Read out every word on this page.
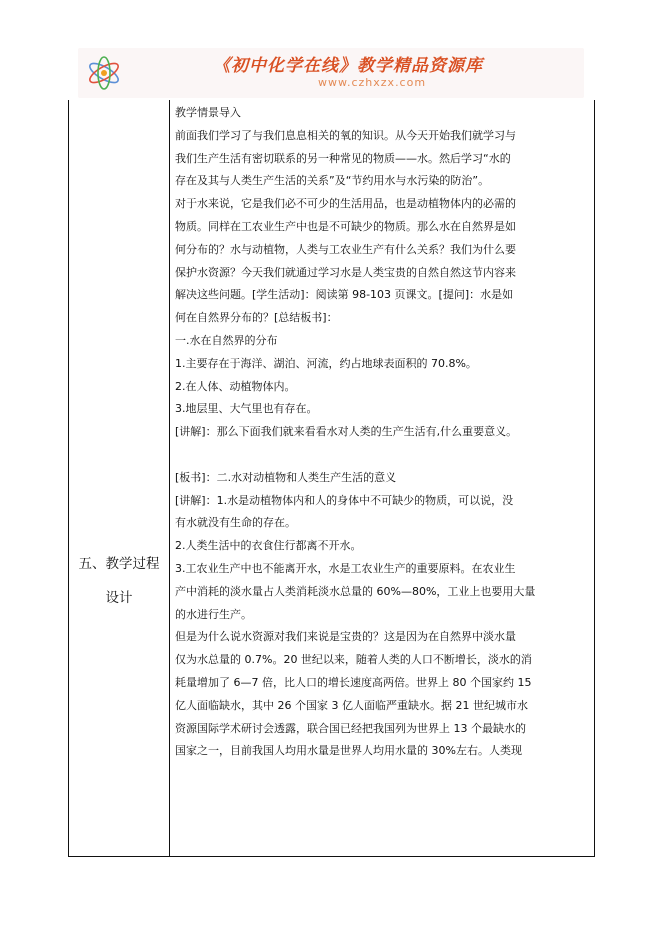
《初中化学在线》教学精品资源库
www.czhxzx.com
五、教学过程
设计

教学情景导入

前面我们学习了与我们息息相关的氧的知识。从今天开始我们就学习与

我们生产生活有密切联系的另一种常见的物质——水。然后学习“水的

存在及其与人类生产生活的关系”及“节约用水与水污染的防治”。

对于水来说，它是我们必不可少的生活用品，也是动植物体内的必需的

物质。同样在工农业生产中也是不可缺少的物质。那么水在自然界是如

何分布的？水与动植物，人类与工农业生产有什么关系？我们为什么要

保护水资源？今天我们就通过学习水是人类宝贵的自然自然这节内容来

解决这些问题。[学生活动]：阅读第 98-103 页课文。[提问]：水是如

何在自然界分布的？[总结板书]：

一.水在自然界的分布

1.主要存在于海洋、湖泊、河流，约占地球表面积的 70.8%。

2.在人体、动植物体内。

3.地层里、大气里也有存在。

[讲解]：那么下面我们就来看看水对人类的生产生活有,什么重要意义。

[板书]：二.水对动植物和人类生产生活的意义

[讲解]：1.水是动植物体内和人的身体中不可缺少的物质，可以说，没

有水就没有生命的存在。

2.人类生活中的衣食住行都离不开水。

3.工农业生产中也不能离开水，水是工农业生产的重要原料。在农业生

产中消耗的淡水量占人类消耗淡水总量的 60%—80%，工业上也要用大量

的水进行生产。

但是为什么说水资源对我们来说是宝贵的？这是因为在自然界中淡水量

仅为水总量的 0.7%。20 世纪以来，随着人类的人口不断增长，淡水的消

耗量增加了 6—7 倍，比人口的增长速度高两倍。世界上 80 个国家约 15

亿人面临缺水，其中 26 个国家 3 亿人面临严重缺水。据 21 世纪城市水

资源国际学术研讨会透露，联合国已经把我国列为世界上 13 个最缺水的

国家之一，目前我国人均用水量是世界人均用水量的 30%左右。人类现
